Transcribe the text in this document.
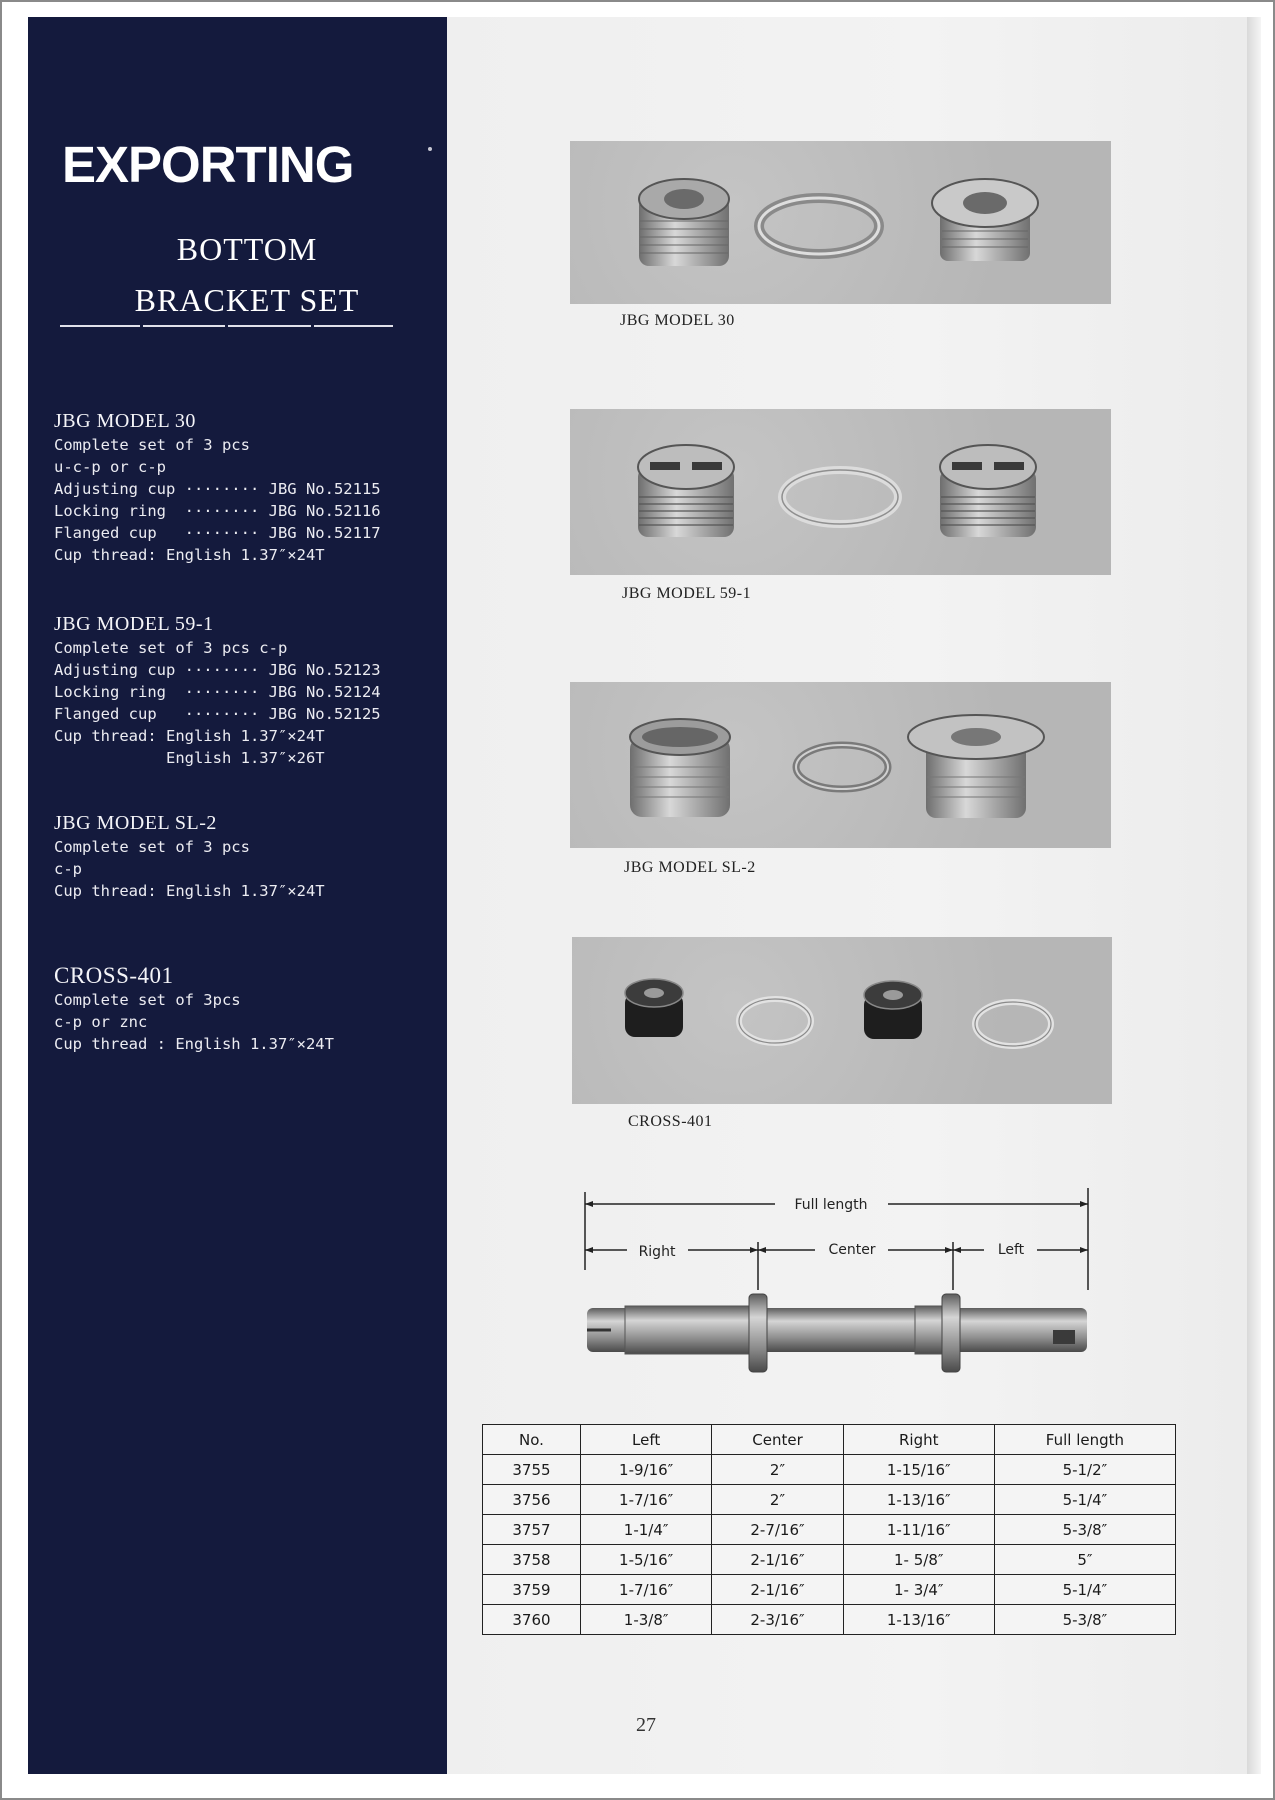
EXPORTING
BOTTOM
BRACKET SET
JBG MODEL 30
Complete set of 3 pcs
u-c-p or c-p
Adjusting cup ········ JBG No.52115
Locking ring  ········ JBG No.52116
Flanged cup   ········ JBG No.52117
Cup thread: English 1.37″×24T
JBG MODEL 59-1
Complete set of 3 pcs c-p
Adjusting cup ········ JBG No.52123
Locking ring  ········ JBG No.52124
Flanged cup   ········ JBG No.52125
Cup thread: English 1.37″×24T
English 1.37″×26T
JBG MODEL SL-2
Complete set of 3 pcs
c-p
Cup thread: English 1.37″×24T
CROSS-401
Complete set of 3pcs
c-p or znc
Cup thread : English 1.37″×24T
JBG MODEL 30
JBG MODEL 59-1
JBG MODEL SL-2
CROSS-401
Full length
Right	Center	Left
No.	Left	Center	Right	Full length
3755	1-9/16″	2″	1-15/16″	5-1/2″
3756	1-7/16″	2″	1-13/16″	5-1/4″
3757	1-1/4″	2-7/16″	1-11/16″	5-3/8″
3758	1-5/16″	2-1/16″	1- 5/8″	5″
3759	1-7/16″	2-1/16″	1- 3/4″	5-1/4″
3760	1-3/8″	2-3/16″	1-13/16″	5-3/8″
27
